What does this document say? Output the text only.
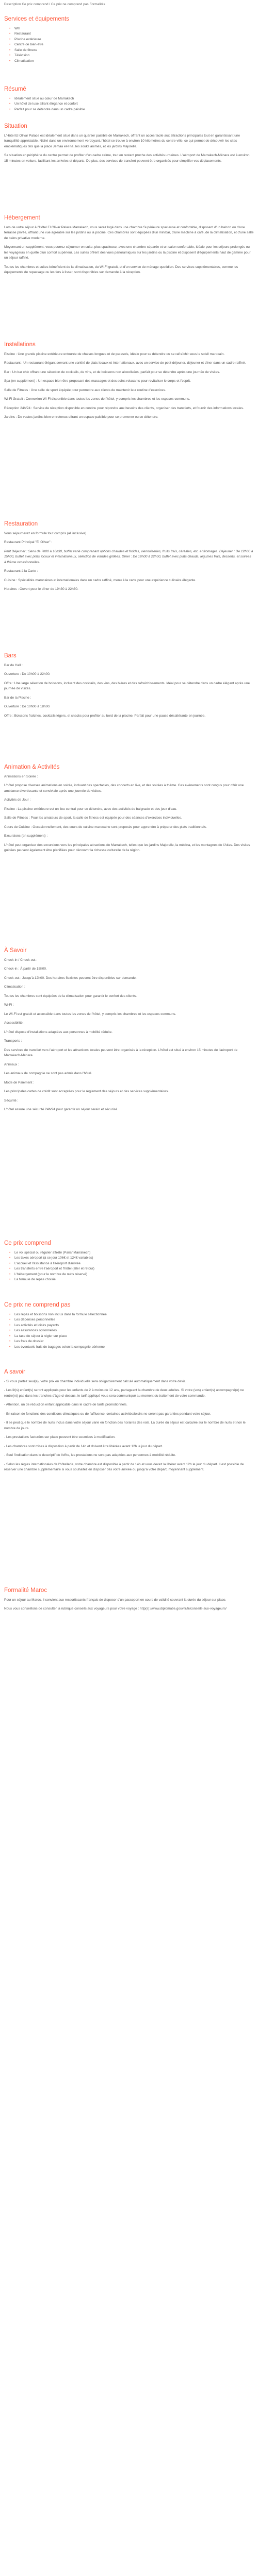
Description Ce prix comprend / Ce prix ne comprend pas Formalités
Services et équipements
• Wifi
• Restaurant
• Piscine extérieure
• Centre de bien-être
• Salle de fitness
• Télévision
• Climatisation
Résumé
• Idéalement situé au cœur de Marrakech
• Un hôtel de luxe alliant élégance et confort
• Parfait pour se détendre dans un cadre paisible
Situation

L'Hôtel El Olivar Palace est idéalement situé dans un quartier paisible de Marrakech, offrant un accès facile aux attractions principales tout en garantissant une tranquillité appréciable. Niché dans un environnement verdoyant, l'hôtel se trouve à environ 10 kilomètres du centre-ville, ce qui permet de découvrir les sites emblématiques tels que la place Jemaa el-Fna, les souks animés, et les jardins Majorelle.

Sa situation en périphérie du centre permet de profiter d'un cadre calme, tout en restant proche des activités urbaines. L'aéroport de Marrakech-Ménara est à environ 15 minutes en voiture, facilitant les arrivées et départs. De plus, des services de transfert peuvent être organisés pour simplifier vos déplacements.

Hébergement

Lors de votre séjour à l'Hôtel El Olivar Palace Marrakech, vous serez logé dans une chambre Supérieure spacieuse et confortable, disposant d'un balcon ou d'une terrasse privée, offrant une vue agréable sur les jardins ou la piscine. Ces chambres sont équipées d'un minibar, d'une machine à café, de la climatisation, et d'une salle de bains privative moderne.

Moyennant un supplément, vous pourrez séjourner en suite, plus spacieuse, avec une chambre séparée et un salon confortable, idéale pour les séjours prolongés ou les voyageurs en quête d'un confort supérieur. Les suites offrent des vues panoramiques sur les jardins ou la piscine et disposent d'équipements haut de gamme pour un séjour raffiné.

Toutes les chambres et suites bénéficient de la climatisation, du Wi-Fi gratuit, et d'un service de ménage quotidien. Des services supplémentaires, comme les équipements de repassage ou les fers à lisser, sont disponibles sur demande à la réception.

Installations

Piscine : Une grande piscine extérieure entourée de chaises longues et de parasols, idéale pour se détendre ou se rafraîchir sous le soleil marocain.

Restaurant : Un restaurant élégant servant une variété de plats locaux et internationaux, avec un service de petit-déjeuner, déjeuner et dîner dans un cadre raffiné.

Bar : Un bar chic offrant une sélection de cocktails, de vins, et de boissons non alcoolisées, parfait pour se détendre après une journée de visites.

Spa (en supplément) : Un espace bien-être proposant des massages et des soins relaxants pour revitaliser le corps et l'esprit.

Salle de Fitness : Une salle de sport équipée pour permettre aux clients de maintenir leur routine d'exercices.

Wi-Fi Gratuit : Connexion Wi-Fi disponible dans toutes les zones de l'hôtel, y compris les chambres et les espaces communs.

Réception 24h/24 : Service de réception disponible en continu pour répondre aux besoins des clients, organiser des transferts, et fournir des informations locales.

Jardins : De vastes jardins bien entretenus offrant un espace paisible pour se promener ou se détendre.

Restauration

Vous séjournerez en formule tout compris (all inclusive).

Restaurant Principal "El Olivar" :

Petit Déjeuner : Servi de 7h00 à 10h30, buffet varié comprenant options chaudes et froides, viennoiseries, fruits frais, céréales, etc. et fromages. Déjeuner : De 12h00 à 15h00, buffet avec plats locaux et internationaux, sélection de viandes grillées. Dîner : De 19h00 à 22h00, buffet avec plats chauds, légumes frais, desserts, et soirées à thème occasionnelles.

Restaurant à la Carte :

Cuisine : Spécialités marocaines et internationales dans un cadre raffiné, menu à la carte pour une expérience culinaire élégante.

Horaires : Ouvert pour le dîner de 19h30 à 22h30.

Bars

Bar du Hall :

Ouverture : De 10h00 à 22h00.

Offre : Une large sélection de boissons, incluant des cocktails, des vins, des bières et des rafraîchissements. Idéal pour se détendre dans un cadre élégant après une journée de visites.

Bar de la Piscine :

Ouverture : De 10h00 à 18h00.

Offre : Boissons fraîches, cocktails légers, et snacks pour profiter au bord de la piscine. Parfait pour une pause désaltérante en journée.

Animation & Activités

Animations en Soirée :

L'hôtel propose diverses animations en soirée, incluant des spectacles, des concerts en live, et des soirées à thème. Ces événements sont conçus pour offrir une ambiance divertissante et conviviale après une journée de visites.

Activités de Jour :

Piscine : La piscine extérieure est un lieu central pour se détendre, avec des activités de baignade et des jeux d'eau.

Salle de Fitness : Pour les amateurs de sport, la salle de fitness est équipée pour des séances d'exercices individuelles.

Cours de Cuisine : Occasionnellement, des cours de cuisine marocaine sont proposés pour apprendre à préparer des plats traditionnels.

Excursions (en supplément) :

L'hôtel peut organiser des excursions vers les principales attractions de Marrakech, telles que les jardins Majorelle, la médina, et les montagnes de l'Atlas. Des visites guidées peuvent également être planifiées pour découvrir la richesse culturelle de la région.

À Savoir

Check-in / Check-out :

Check-in : À partir de 15h00.

Check-out : Jusqu'à 12h00. Des horaires flexibles peuvent être disponibles sur demande.

Climatisation :

Toutes les chambres sont équipées de la climatisation pour garantir le confort des clients.

Wi-Fi :

Le Wi-Fi est gratuit et accessible dans toutes les zones de l'hôtel, y compris les chambres et les espaces communs.

Accessibilité :

L'hôtel dispose d'installations adaptées aux personnes à mobilité réduite.

Transports :

Des services de transfert vers l'aéroport et les attractions locales peuvent être organisés à la réception. L'hôtel est situé à environ 15 minutes de l'aéroport de Marrakech-Ménara.

Animaux :

Les animaux de compagnie ne sont pas admis dans l'hôtel.

Mode de Paiement :

Les principales cartes de crédit sont acceptées pour le règlement des séjours et des services supplémentaires.

Sécurité :

L'hôtel assure une sécurité 24h/24 pour garantir un séjour serein et sécurisé.

Ce prix comprend
• Le vol spécial ou régulier affrété (Paris/ Marrakech)
• Les taxes aéroport (à ce jour 106€ et 124€ variables)
• L'accueil et l'assistance à l'aéroport d'arrivée
• Les transferts entre l'aéroport et l'hôtel (aller et retour)
• L'hébergement (pour le nombre de nuits réservé)
• La formule de repas choisie
Ce prix ne comprend pas
• Les repas et boissons non inclus dans la formule sélectionnée
• Les dépenses personnelles
• Les activités et loisirs payants
• Les assurances optionnelles
• La taxe de séjour à régler sur place
• Les frais de dossier
• Les éventuels frais de bagages selon la compagnie aérienne
A savoir

- Si vous partez seul(e), votre prix en chambre individuelle sera obligatoirement calculé automatiquement dans votre devis.

- Les lit(s) enfant(s) seront appliqués pour les enfants de 2 à moins de 12 ans, partageant la chambre de deux adultes. Si votre (vos) enfant(s) accompagné(e) ne rentre(nt) pas dans les tranches d'âge ci-dessus, le tarif appliqué vous sera communiqué au moment du traitement de votre commande.

- Attention, un de réduction enfant applicable dans le cadre de tarifs promotionnels.

- En raison de fonctions des conditions climatiques ou de l'affluence, certaines activités/loisirs ne seront pas garanties pendant votre séjour.

- Il se peut que le nombre de nuits inclus dans votre séjour varie en fonction des horaires des vols. La durée du séjour est calculée sur le nombre de nuits et non le nombre de jours.

- Les prestations facturées sur place peuvent être soumises à modification.

- Les chambres sont mises à disposition à partir de 14h et doivent être libérées avant 12h le jour du départ.

- Seul l'indication dans le descriptif de l'offre, les prestations ne sont pas adaptées aux personnes à mobilité réduite.

- Selon les règles internationales de l'hôtellerie, votre chambre est disponible à partir de 14h et vous devez la libérer avant 12h le jour du départ. Il est possible de réserver une chambre supplémentaire si vous souhaitez en disposer dès votre arrivée ou jusqu'à votre départ, moyennant supplément.

Formalité Maroc

Pour un séjour au Maroc, il convient aux ressortissants français de disposer d'un passeport en cours de validité couvrant la durée du séjour sur place.

Nous vous conseillons de consulter la rubrique conseils aux voyageurs pour votre voyage : http(s)://www.diplomatie.gouv.fr/fr/conseils-aux-voyageurs/
